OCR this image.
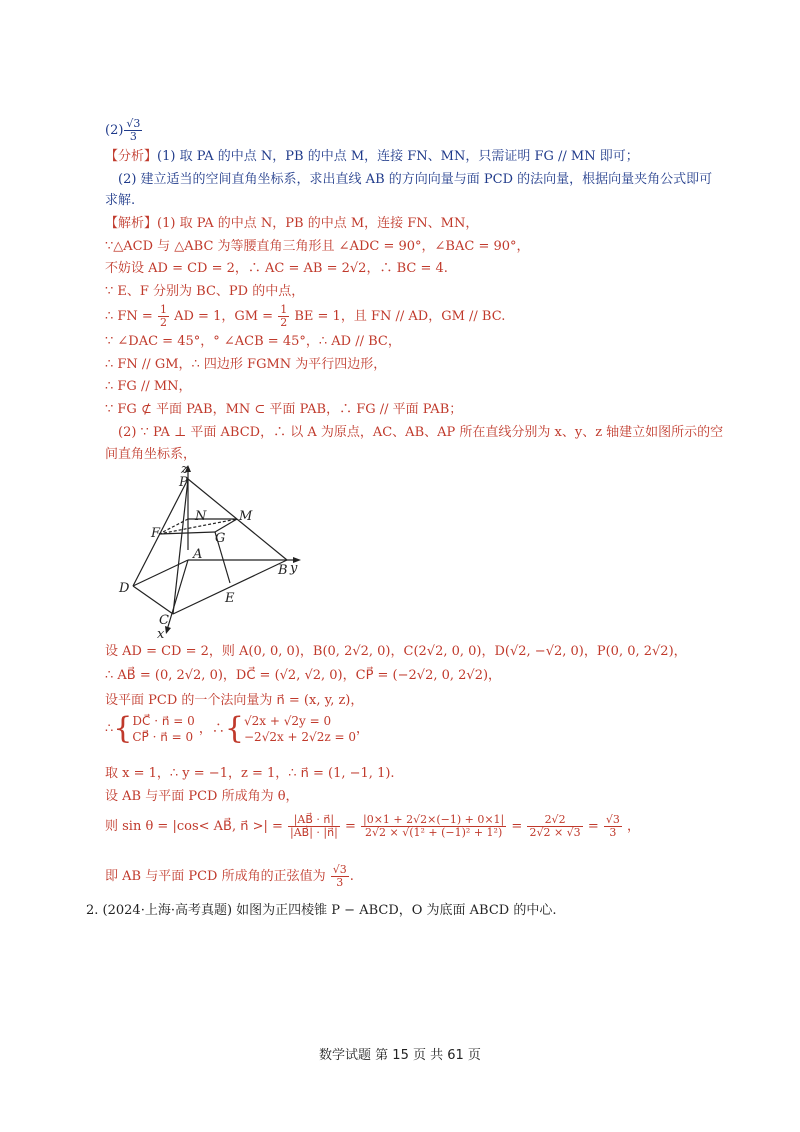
$(2) \frac{√3}{3}$
【分析】(1) 取 PA 的中点 N，PB 的中点 M，连接 FN、MN，只需证明 FG // MN 即可；
(2) 建立适当的空间直角坐标系，求出直线 AB 的方向向量与面 PCD 的法向量，根据向量夹角公式即可
求解.
【解析】(1) 取 PA 的中点 N，PB 的中点 M，连接 FN、MN，
∵△ACD 与 △ABC 为等腰直角三角形且 ∠ADC = 90°，∠BAC = 90°，
不妨设 AD = CD = 2，∴ AC = AB = 2√2，∴ BC = 4.
∵ E、F 分别为 BC、PD 的中点，
∴ FN = $\frac{1}{2}$ AD = 1，GM = $\frac{1}{2}$ BE = 1，且 FN // AD，GM // BC.
∵ ∠DAC = 45°，° ∠ACB = 45°，∴ AD // BC，
∴ FN // GM，∴ 四边形 FGMN 为平行四边形，
∴ FG // MN，
∵ FG ⊄ 平面 PAB，MN ⊂ 平面 PAB，∴ FG // 平面 PAB；
(2) ∵ PA ⊥ 平面 ABCD，∴ 以 A 为原点，AC、AB、AP 所在直线分别为 x、y、z 轴建立如图所示的空
间直角坐标系，
z
P
N	M
F	G
A
B y
D
E
C
x
设 AD = CD = 2，则 A(0, 0, 0)，B(0, 2√2, 0)，C(2√2, 0, 0)，D(√2, −√2, 0)，P(0, 0, 2√2)，
∴ AB⃗ = (0, 2√2, 0)，DC⃗ = (√2, √2, 0)，CP⃗ = (−2√2, 0, 2√2)，
设平面 PCD 的一个法向量为 n⃗ = (x, y, z)，
∴{ DC⃗ · n⃗ = 0
CP⃗ · n⃗ = 0
，∴{ √2x + √2y = 0
−2√2x + 2√2z = 0
，
取 x = 1，∴ y = −1，z = 1，∴ n⃗ = (1, −1, 1).
设 AB 与平面 PCD 所成角为 θ，
则 sin θ = |cos< AB⃗, n⃗ >| = $\frac{|AB⃗ \cdot n⃗|}{|AB⃗| \cdot |n⃗|} = \frac{|0\times 1 + 2√2\times(-1) + 0\times 1|}{\text{2√2 × √(1² + (−1)² + 1²)}} = \frac{2√2}{2√2 \times √3} = \frac{√3}{3}$ ，
即 AB 与平面 PCD 所成角的正弦值为 $\frac{√3}{3}$ .
2. (2024·上海·高考真题) 如图为正四棱锥 P − ABCD，O 为底面 ABCD 的中心.
数学试题 第 15 页 共 61 页
